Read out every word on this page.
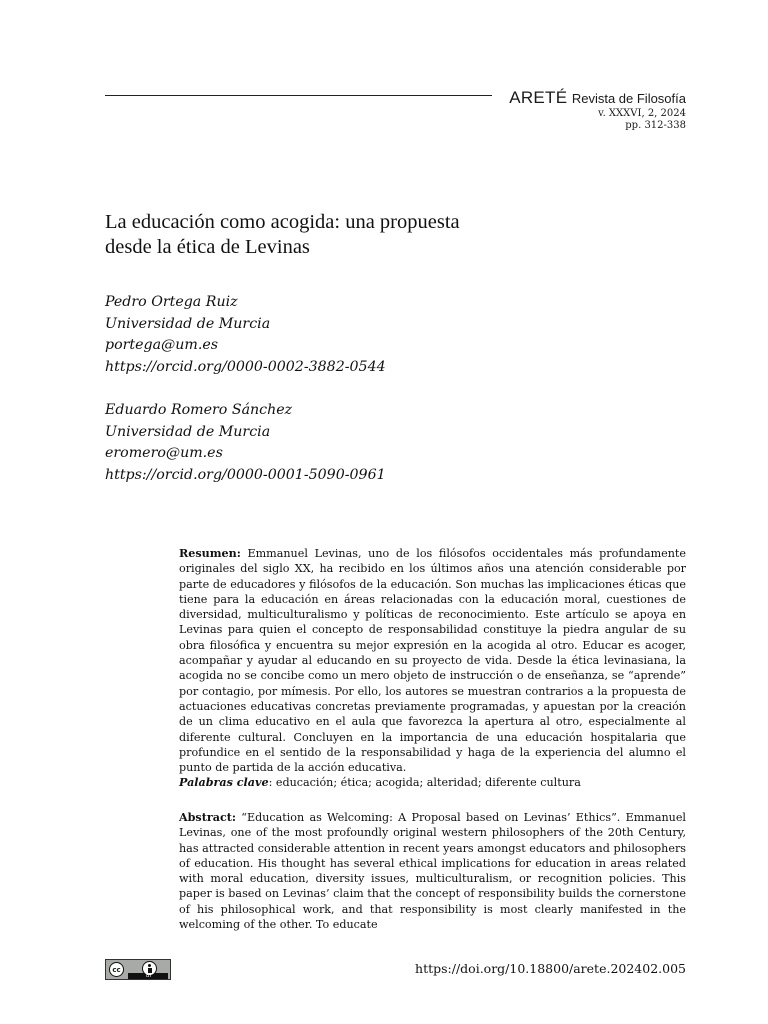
ARETÉ Revista de Filosofía
v. XXXVI, 2, 2024
pp. 312-338
La educación como acogida: una propuesta
desde la ética de Levinas
Pedro Ortega Ruiz
Universidad de Murcia
portega@um.es
https://orcid.org/0000-0002-3882-0544
Eduardo Romero Sánchez
Universidad de Murcia
eromero@um.es
https://orcid.org/0000-0001-5090-0961

Resumen: Emmanuel Levinas, uno de los filósofos occidentales más profundamente originales del siglo XX, ha recibido en los últimos años una atención considerable por parte de educadores y filósofos de la educación. Son muchas las implicaciones éticas que tiene para la educación en áreas relacionadas con la educación moral, cuestiones de diversidad, multiculturalismo y políticas de reconocimiento. Este artículo se apoya en Levinas para quien el concepto de responsabilidad constituye la piedra angular de su obra filosófica y encuentra su mejor expresión en la acogida al otro. Educar es acoger, acompañar y ayudar al educando en su proyecto de vida. Desde la ética levinasiana, la acogida no se concibe como un mero objeto de instrucción o de enseñanza, se “aprende” por contagio, por mímesis. Por ello, los autores se muestran contrarios a la propuesta de actuaciones educativas concretas previamente programadas, y apuestan por la creación de un clima educativo en el aula que favorezca la apertura al otro, especialmente al diferente cultural. Concluyen en la importancia de una educación hospitalaria que profundice en el sentido de la responsabilidad y haga de la experiencia del alumno el punto de partida de la acción educativa.

Palabras clave: educación; ética; acogida; alteridad; diferente cultura

Abstract: “Education as Welcoming: A Proposal based on Levinas’ Ethics”. Emmanuel Levinas, one of the most profoundly original western philosophers of the 20th Century, has attracted considerable attention in recent years amongst educators and philosophers of education. His thought has several ethical implications for education in areas related with moral education, diversity issues, multiculturalism, or recognition policies. This paper is based on Levinas’ claim that the concept of responsibility builds the cornerstone of his philosophical work, and that responsibility is most clearly manifested in the welcoming of the other. To educate

cc
BY	https://doi.org/10.18800/arete.202402.005
